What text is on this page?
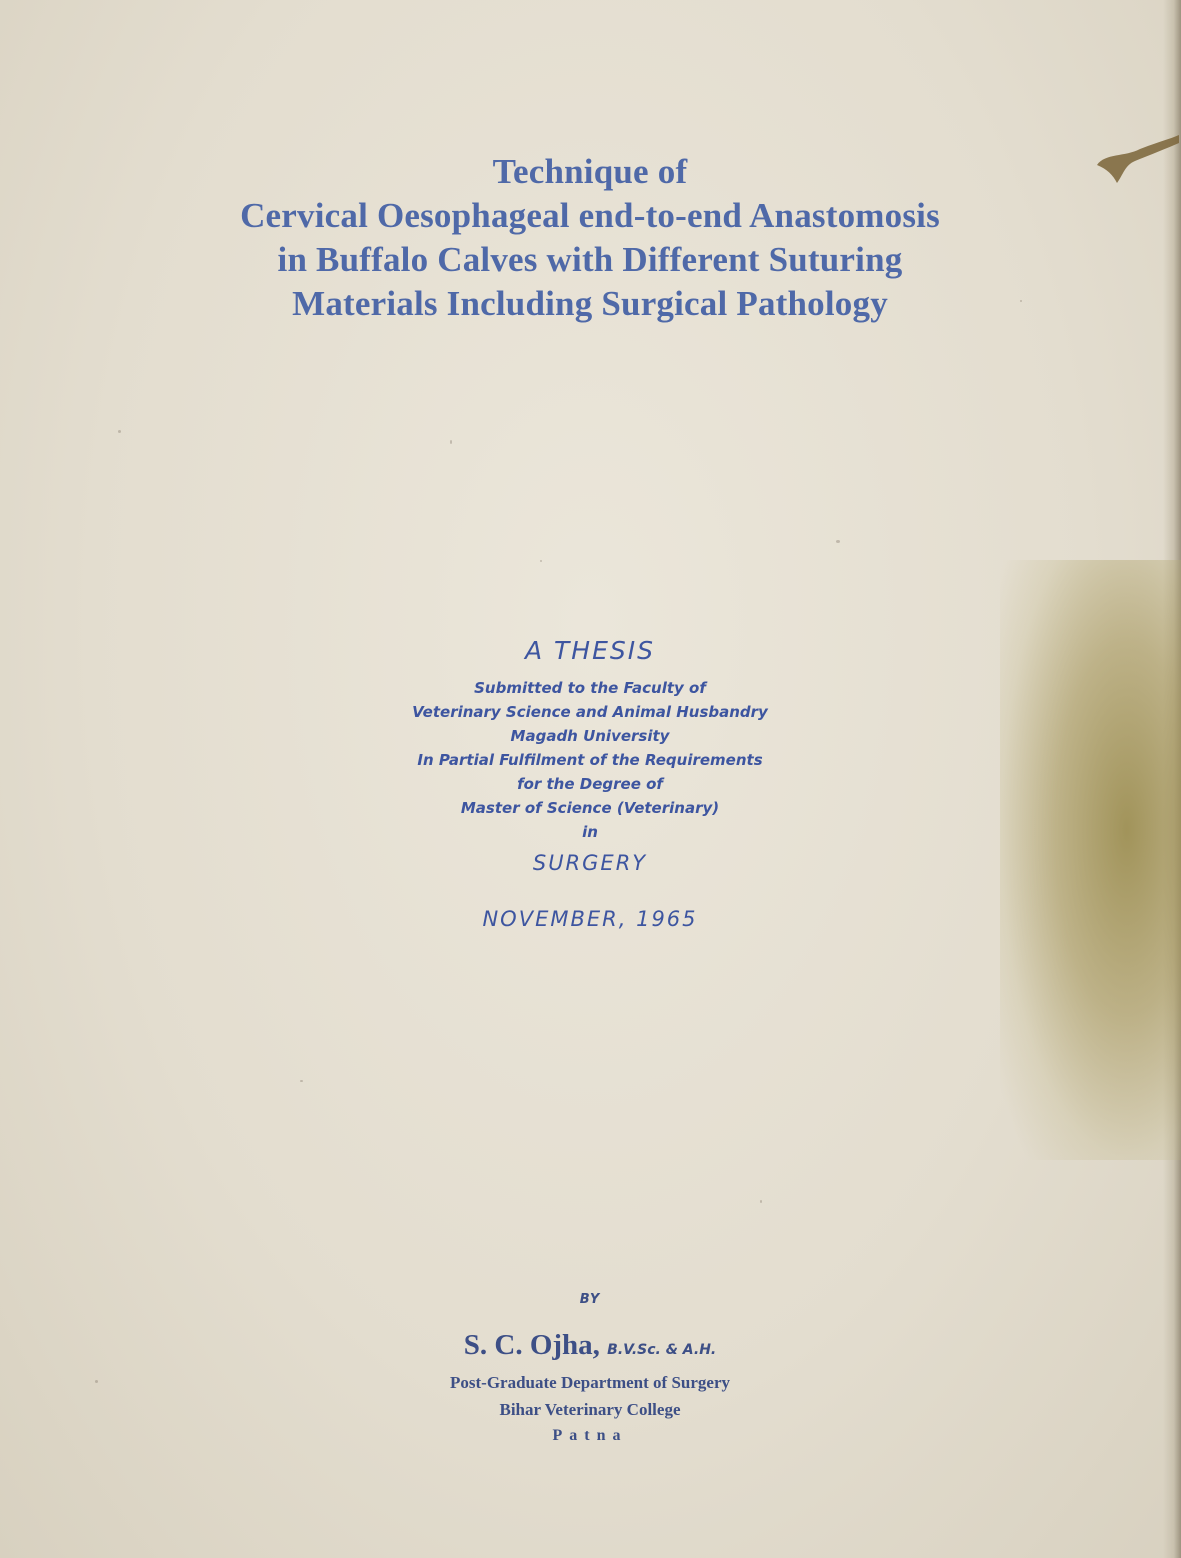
Technique of
Cervical Oesophageal end-to-end Anastomosis
in Buffalo Calves with Different Suturing
Materials Including Surgical Pathology
A THESIS
Submitted to the Faculty of
Veterinary Science and Animal Husbandry
Magadh University
In Partial Fulfilment of the Requirements
for the Degree of
Master of Science (Veterinary)
in
SURGERY
NOVEMBER, 1965
BY
S. C. Ojha, B.V.Sc. & A.H.
Post-Graduate Department of Surgery
Bihar Veterinary College
Patna
